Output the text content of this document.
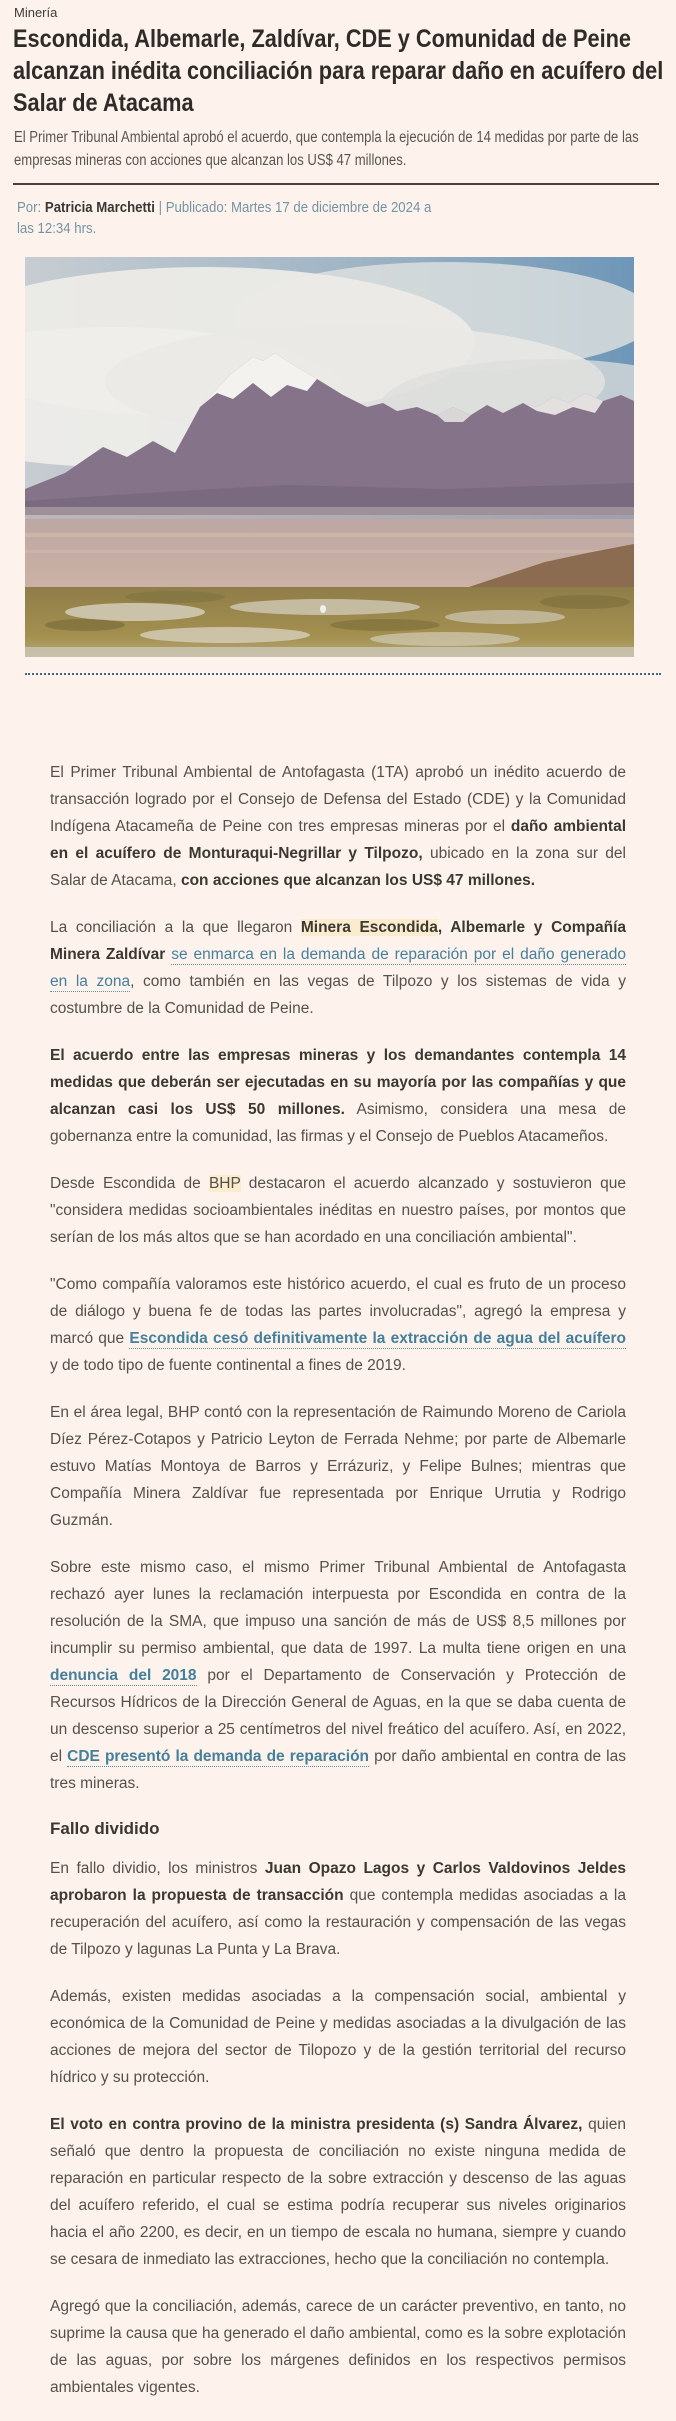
Minería
Escondida, Albemarle, Zaldívar, CDE y Comunidad de Peine alcanzan inédita conciliación para reparar daño en acuífero del Salar de Atacama
El Primer Tribunal Ambiental aprobó el acuerdo, que contempla la ejecución de 14 medidas por parte de las empresas mineras con acciones que alcanzan los US$ 47 millones.
Por: Patricia Marchetti | Publicado: Martes 17 de diciembre de 2024 a las 12:34 hrs.

El Primer Tribunal Ambiental de Antofagasta (1TA) aprobó un inédito acuerdo de transacción logrado por el Consejo de Defensa del Estado (CDE) y la Comunidad Indígena Atacameña de Peine con tres empresas mineras por el daño ambiental en el acuífero de Monturaqui-Negrillar y Tilpozo, ubicado en la zona sur del Salar de Atacama, con acciones que alcanzan los US$ 47 millones.

La conciliación a la que llegaron Minera Escondida, Albemarle y Compañía Minera Zaldívar se enmarca en la demanda de reparación por el daño generado en la zona, como también en las vegas de Tilpozo y los sistemas de vida y costumbre de la Comunidad de Peine.

El acuerdo entre las empresas mineras y los demandantes contempla 14 medidas que deberán ser ejecutadas en su mayoría por las compañías y que alcanzan casi los US$ 50 millones. Asimismo, considera una mesa de gobernanza entre la comunidad, las firmas y el Consejo de Pueblos Atacameños.

Desde Escondida de BHP destacaron el acuerdo alcanzado y sostuvieron que "considera medidas socioambientales inéditas en nuestro países, por montos que serían de los más altos que se han acordado en una conciliación ambiental".

"Como compañía valoramos este histórico acuerdo, el cual es fruto de un proceso de diálogo y buena fe de todas las partes involucradas", agregó la empresa y marcó que Escondida cesó definitivamente la extracción de agua del acuífero y de todo tipo de fuente continental a fines de 2019.

En el área legal, BHP contó con la representación de Raimundo Moreno de Cariola Díez Pérez-Cotapos y Patricio Leyton de Ferrada Nehme; por parte de Albemarle estuvo Matías Montoya de Barros y Errázuriz, y Felipe Bulnes; mientras que Compañía Minera Zaldívar fue representada por Enrique Urrutia y Rodrigo Guzmán.

Sobre este mismo caso, el mismo Primer Tribunal Ambiental de Antofagasta rechazó ayer lunes la reclamación interpuesta por Escondida en contra de la resolución de la SMA, que impuso una sanción de más de US$ 8,5 millones por incumplir su permiso ambiental, que data de 1997. La multa tiene origen en una denuncia del 2018 por el Departamento de Conservación y Protección de Recursos Hídricos de la Dirección General de Aguas, en la que se daba cuenta de un descenso superior a 25 centímetros del nivel freático del acuífero. Así, en 2022, el CDE presentó la demanda de reparación por daño ambiental en contra de las tres mineras.

Fallo dividido

En fallo dividio, los ministros Juan Opazo Lagos y Carlos Valdovinos Jeldes aprobaron la propuesta de transacción que contempla medidas asociadas a la recuperación del acuífero, así como la restauración y compensación de las vegas de Tilpozo y lagunas La Punta y La Brava.

Además, existen medidas asociadas a la compensación social, ambiental y económica de la Comunidad de Peine y medidas asociadas a la divulgación de las acciones de mejora del sector de Tilopozo y de la gestión territorial del recurso hídrico y su protección.

El voto en contra provino de la ministra presidenta (s) Sandra Álvarez, quien señaló que dentro la propuesta de conciliación no existe ninguna medida de reparación en particular respecto de la sobre extracción y descenso de las aguas del acuífero referido, el cual se estima podría recuperar sus niveles originarios hacia el año 2200, es decir, en un tiempo de escala no humana, siempre y cuando se cesara de inmediato las extracciones, hecho que la conciliación no contempla.

Agregó que la conciliación, además, carece de un carácter preventivo, en tanto, no suprime la causa que ha generado el daño ambiental, como es la sobre explotación de las aguas, por sobre los márgenes definidos en los respectivos permisos ambientales vigentes.
